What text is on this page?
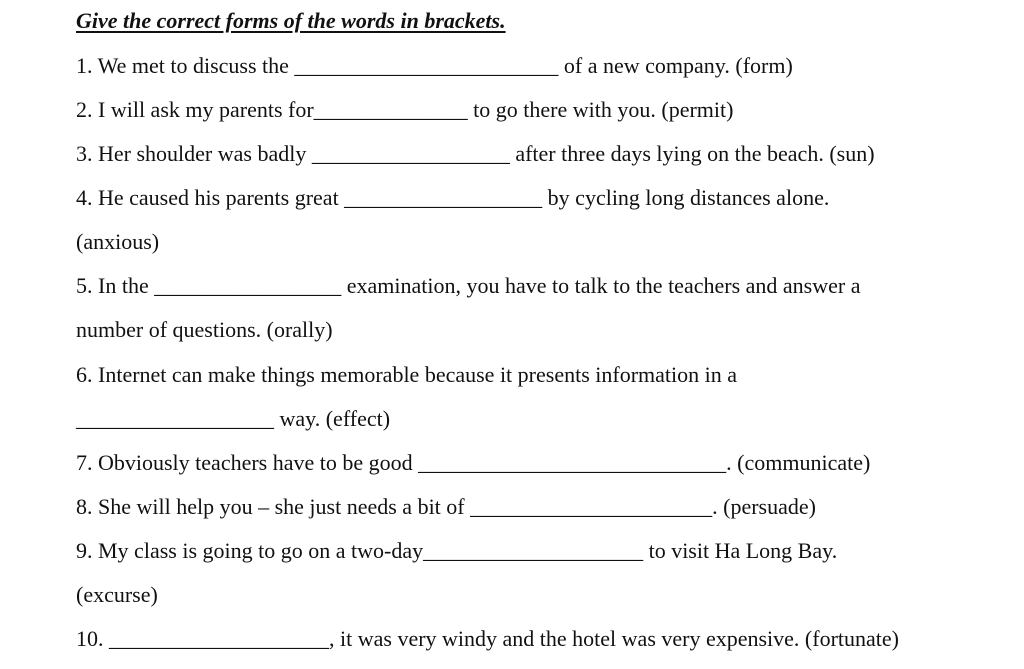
Give the correct forms of the words in brackets.
1. We met to discuss the ________________________ of a new company. (form)
2. I will ask my parents for______________ to go there with you. (permit)
3. Her shoulder was badly __________________ after three days lying on the beach. (sun)
4. He caused his parents great __________________ by cycling long distances alone.
(anxious)
5. In the _________________ examination, you have to talk to the teachers and answer a
number of questions. (orally)
6. Internet can make things memorable because it presents information in a
__________________ way. (effect)
7. Obviously teachers have to be good ____________________________. (communicate)
8. She will help you – she just needs a bit of ______________________. (persuade)
9. My class is going to go on a two-day____________________ to visit Ha Long Bay.
(excurse)
10. ____________________, it was very windy and the hotel was very expensive. (fortunate)
